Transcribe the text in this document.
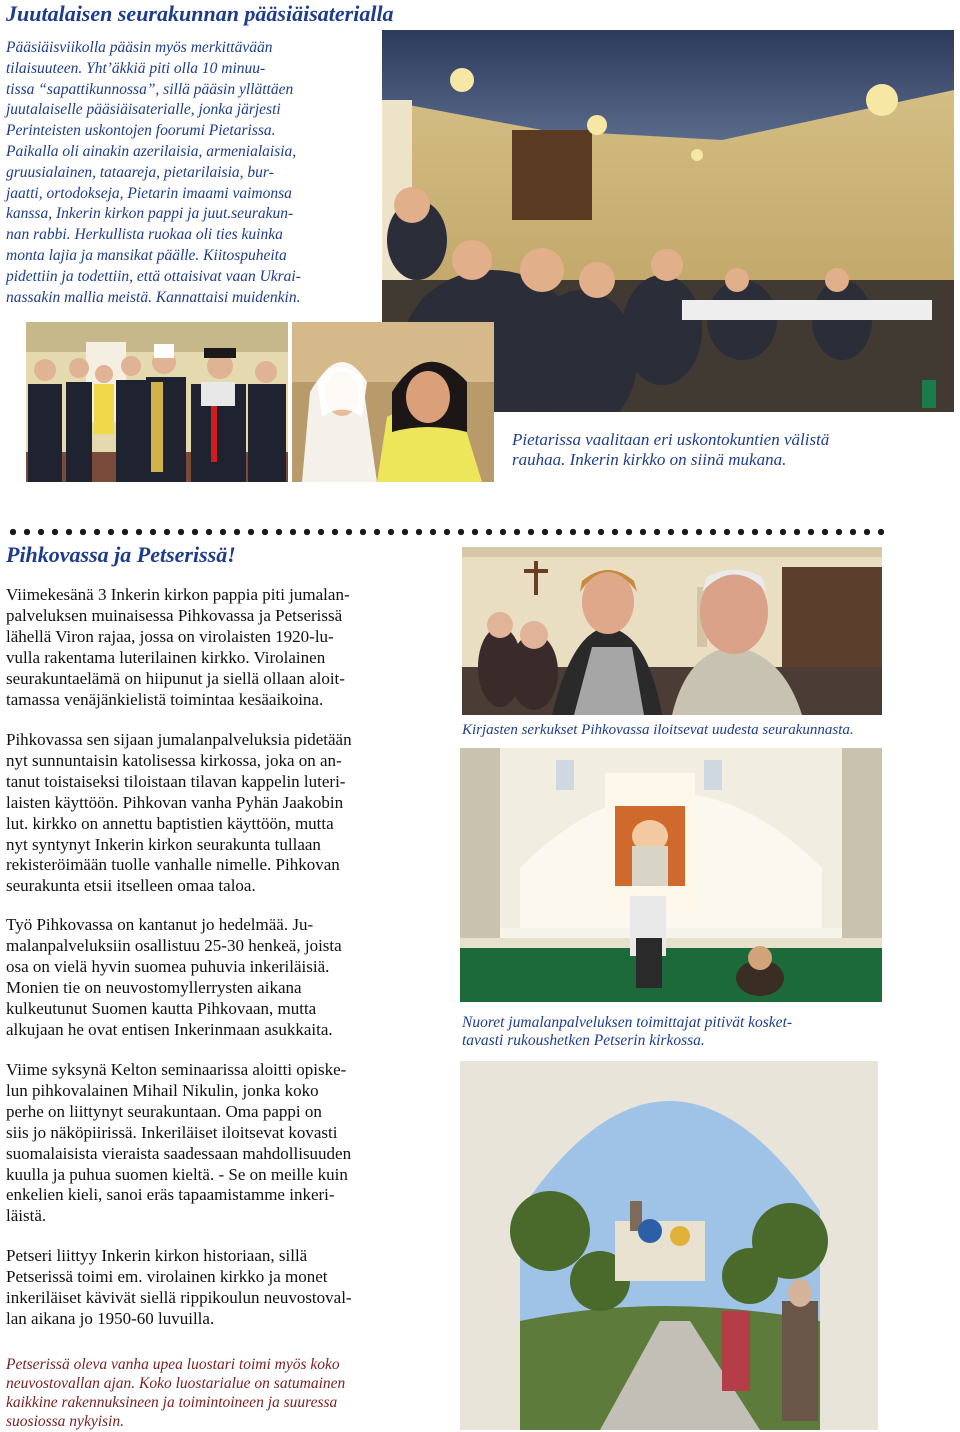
Juutalaisen seurakunnan pääsiäisaterialla

Pääsiäisviikolla pääsin myös merkittävään

tilaisuuteen. Yht’äkkiä piti olla 10 minuu-

tissa “sapattikunnossa”, sillä pääsin yllättäen

juutalaiselle pääsiäisaterialle, jonka järjesti

Perinteisten uskontojen foorumi Pietarissa.

Paikalla oli ainakin azerilaisia, armenialaisia,

gruusialainen, tataareja, pietarilaisia, bur-

jaatti, ortodokseja, Pietarin imaami vaimonsa

kanssa, Inkerin kirkon pappi ja juut.seurakun-

nan rabbi. Herkullista ruokaa oli ties kuinka

monta lajia ja mansikat päälle. Kiitospuheita

pidettiin ja todettiin, että ottaisivat vaan Ukrai-

nassakin mallia meistä. Kannattaisi muidenkin.

Pietarissa vaalitaan eri uskontokuntien välistä

rauhaa. Inkerin kirkko on siinä mukana.

Pihkovassa ja Petserissä!

Viimekesänä 3 Inkerin kirkon pappia piti jumalan-

palveluksen muinaisessa Pihkovassa ja Petserissä

lähellä Viron rajaa, jossa on virolaisten 1920-lu-

vulla rakentama luterilainen kirkko. Virolainen

seurakuntaelämä on hiipunut ja siellä ollaan aloit-

tamassa venäjänkielistä toimintaa kesäaikoina.

Pihkovassa sen sijaan jumalanpalveluksia pidetään

nyt sunnuntaisin katolisessa kirkossa, joka on an-

tanut toistaiseksi tiloistaan tilavan kappelin luteri-

laisten käyttöön. Pihkovan vanha Pyhän Jaakobin

lut. kirkko on annettu baptistien käyttöön, mutta

nyt syntynyt Inkerin kirkon seurakunta tullaan

rekisteröimään tuolle vanhalle nimelle. Pihkovan

seurakunta etsii itselleen omaa taloa.

Työ Pihkovassa on kantanut jo hedelmää. Ju-

malanpalveluksiin osallistuu 25-30 henkeä, joista

osa on vielä hyvin suomea puhuvia inkeriläisiä.

Monien tie on neuvostomyllerrysten aikana

kulkeutunut Suomen kautta Pihkovaan, mutta

alkujaan he ovat entisen Inkerinmaan asukkaita.

Viime syksynä Kelton seminaarissa aloitti opiske-

lun pihkovalainen Mihail Nikulin, jonka koko

perhe on liittynyt seurakuntaan. Oma pappi on

siis jo näköpiirissä. Inkeriläiset iloitsevat kovasti

suomalaisista vieraista saadessaan mahdollisuuden

kuulla ja puhua suomen kieltä. - Se on meille kuin

enkelien kieli, sanoi eräs tapaamistamme inkeri-

läistä.

Petseri liittyy Inkerin kirkon historiaan, sillä

Petserissä toimi em. virolainen kirkko ja monet

inkeriläiset kävivät siellä rippikoulun neuvostoval-

lan aikana jo 1950-60 luvuilla.

Petserissä oleva vanha upea luostari toimi myös koko

neuvostovallan ajan. Koko luostarialue on satumainen

kaikkine rakennuksineen ja toimintoineen ja suuressa

suosiossa nykyisin.

Kirjasten serkukset Pihkovassa iloitsevat uudesta seurakunnasta.

Nuoret jumalanpalveluksen toimittajat pitivät kosket-

tavasti rukoushetken Petserin kirkossa.
